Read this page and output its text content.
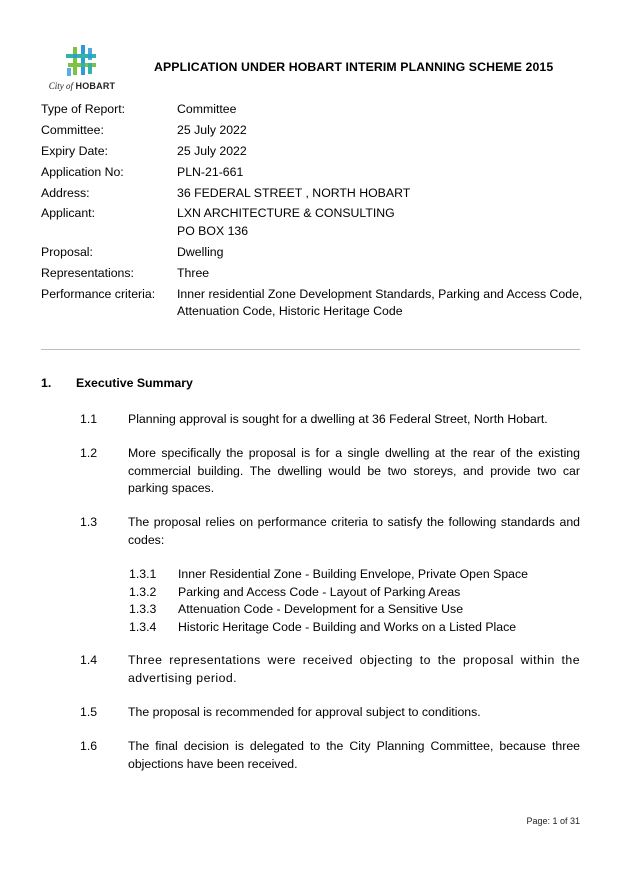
City of HOBART
APPLICATION UNDER HOBART INTERIM PLANNING SCHEME 2015
Type of Report:	Committee
Committee:	25 July 2022
Expiry Date:	25 July 2022
Application No:	PLN-21-661
Address:	36 FEDERAL STREET , NORTH HOBART
Applicant:	LXN ARCHITECTURE & CONSULTING
PO BOX 136
Proposal:	Dwelling
Representations:	Three
Performance criteria:	Inner residential Zone Development Standards, Parking and Access Code,
Attenuation Code, Historic Heritage Code
1. Executive Summary
1.1	Planning approval is sought for a dwelling at 36 Federal Street, North Hobart.
1.2	More specifically the proposal is for a single dwelling at the rear of the existing commercial building. The dwelling would be two storeys, and provide two car parking spaces.
1.3	The proposal relies on performance criteria to satisfy the following standards and codes:
1.3.1 Inner Residential Zone - Building Envelope, Private Open Space
1.3.2 Parking and Access Code - Layout of Parking Areas
1.3.3 Attenuation Code - Development for a Sensitive Use
1.3.4 Historic Heritage Code - Building and Works on a Listed Place
1.4	Three representations were received objecting to the proposal within the advertising period.
1.5	The proposal is recommended for approval subject to conditions.
1.6	The final decision is delegated to the City Planning Committee, because three objections have been received.
Page: 1 of 31
